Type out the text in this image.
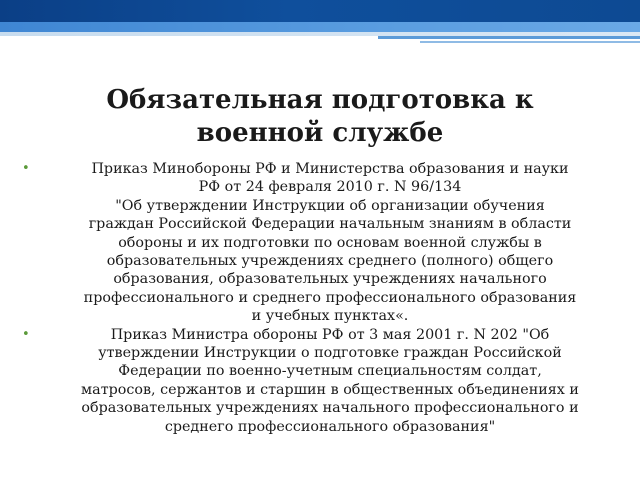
Обязательная подготовка к
военной службе
•	Приказ Минобороны РФ и Министерства образования и науки
РФ от 24 февраля 2010 г. N 96/134
"Об утверждении Инструкции об организации обучения
граждан Российской Федерации начальным знаниям в области
обороны и их подготовки по основам военной службы в
образовательных учреждениях среднего (полного) общего
образования, образовательных учреждениях начального
профессионального и среднего профессионального образования
и учебных пунктах«.
•	Приказ Министра обороны РФ от 3 мая 2001 г. N 202 "Об
утверждении Инструкции о подготовке граждан Российской
Федерации по военно-учетным специальностям солдат,
матросов, сержантов и старшин в общественных объединениях и
образовательных учреждениях начального профессионального и
среднего профессионального образования"
